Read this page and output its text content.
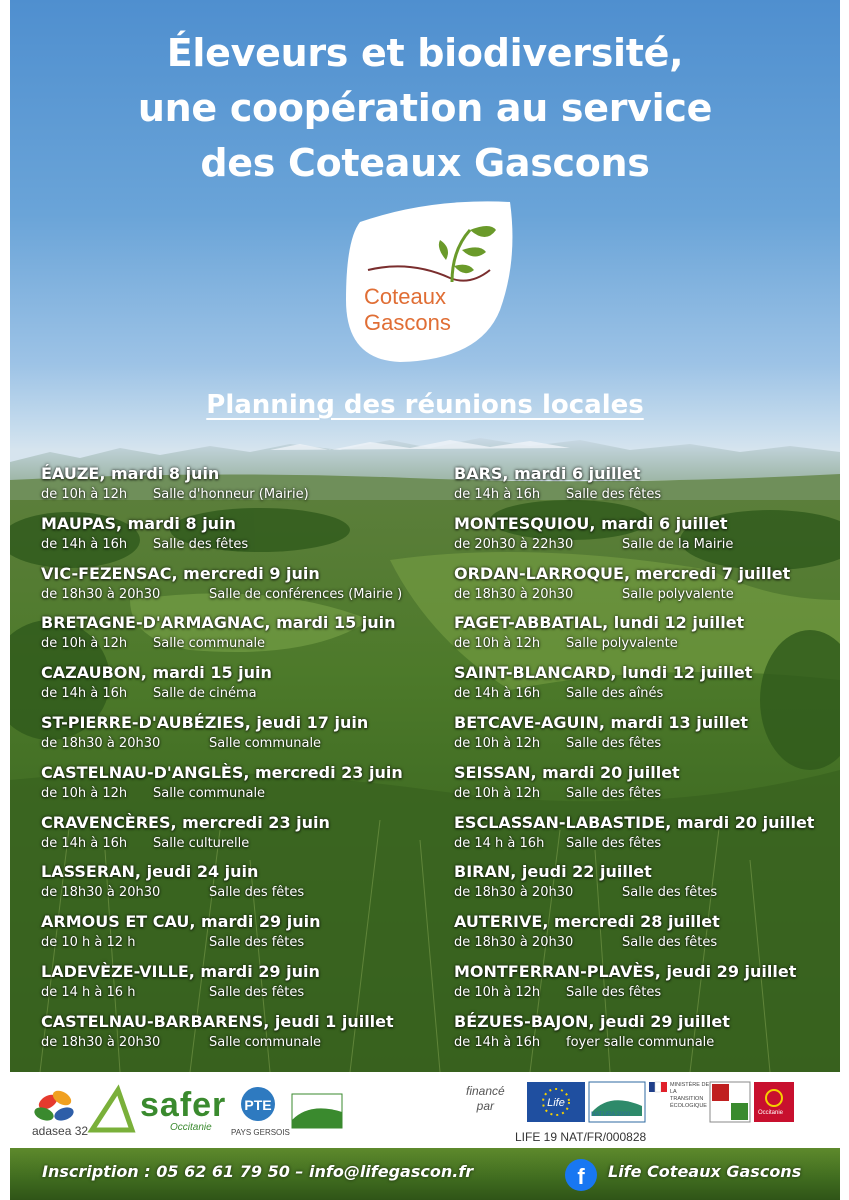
Éleveurs et biodiversité,
une coopération au service
des Coteaux Gascons
Coteaux
Gascons
Planning des réunions locales
ÉAUZE, mardi 8 juin
de 10h à 12h Salle d'honneur (Mairie)
MAUPAS, mardi 8 juin
de 14h à 16h Salle des fêtes
VIC-FEZENSAC, mercredi 9 juin
de 18h30 à 20h30	Salle de conférences (Mairie )
BRETAGNE-D'ARMAGNAC, mardi 15 juin
de 10h à 12h Salle communale
CAZAUBON, mardi 15 juin
de 14h à 16h Salle de cinéma
ST-PIERRE-D'AUBÉZIES, jeudi 17 juin
de 18h30 à 20h30	Salle communale
CASTELNAU-D'ANGLÈS, mercredi 23 juin
de 10h à 12h Salle communale
CRAVENCÈRES, mercredi 23 juin
de 14h à 16h Salle culturelle
LASSERAN, jeudi 24 juin
de 18h30 à 20h30	Salle des fêtes
ARMOUS ET CAU, mardi 29 juin
de 10 h à 12 h	Salle des fêtes
LADEVÈZE-VILLE, mardi 29 juin
de 14 h à 16 h	Salle des fêtes
CASTELNAU-BARBARENS, jeudi 1 juillet
de 18h30 à 20h30	Salle communale
BARS, mardi 6 juillet
de 14h à 16h Salle des fêtes
MONTESQUIOU, mardi 6 juillet
de 20h30 à 22h30	Salle de la Mairie
ORDAN-LARROQUE, mercredi 7 juillet
de 18h30 à 20h30	Salle polyvalente
FAGET-ABBATIAL, lundi 12 juillet
de 10h à 12h Salle polyvalente
SAINT-BLANCARD, lundi 12 juillet
de 14h à 16h Salle des aînés
BETCAVE-AGUIN, mardi 13 juillet
de 10h à 12h Salle des fêtes
SEISSAN, mardi 20 juillet
de 10h à 12h Salle des fêtes
ESCLASSAN-LABASTIDE, mardi 20 juillet
de 14 h à 16h Salle des fêtes
BIRAN, jeudi 22 juillet
de 18h30 à 20h30	Salle des fêtes
AUTERIVE, mercredi 28 juillet
de 18h30 à 20h30	Salle des fêtes
MONTFERRAN-PLAVÈS, jeudi 29 juillet
de 10h à 12h Salle des fêtes
BÉZUES-BAJON, jeudi 29 juillet
de 14h à 16h foyer salle communale
PTE	Life
adasea 32
safer
Occitanie PAYS GERSOIS
financé
par
NATURA 2000
MINISTÈRE DE LA TRANSITION ÉCOLOGIQUE
Occitanie
LIFE 19 NAT/FR/000828
Inscription : 05 62 61 79 50 – info@lifegascon.fr	f	Life Coteaux Gascons
